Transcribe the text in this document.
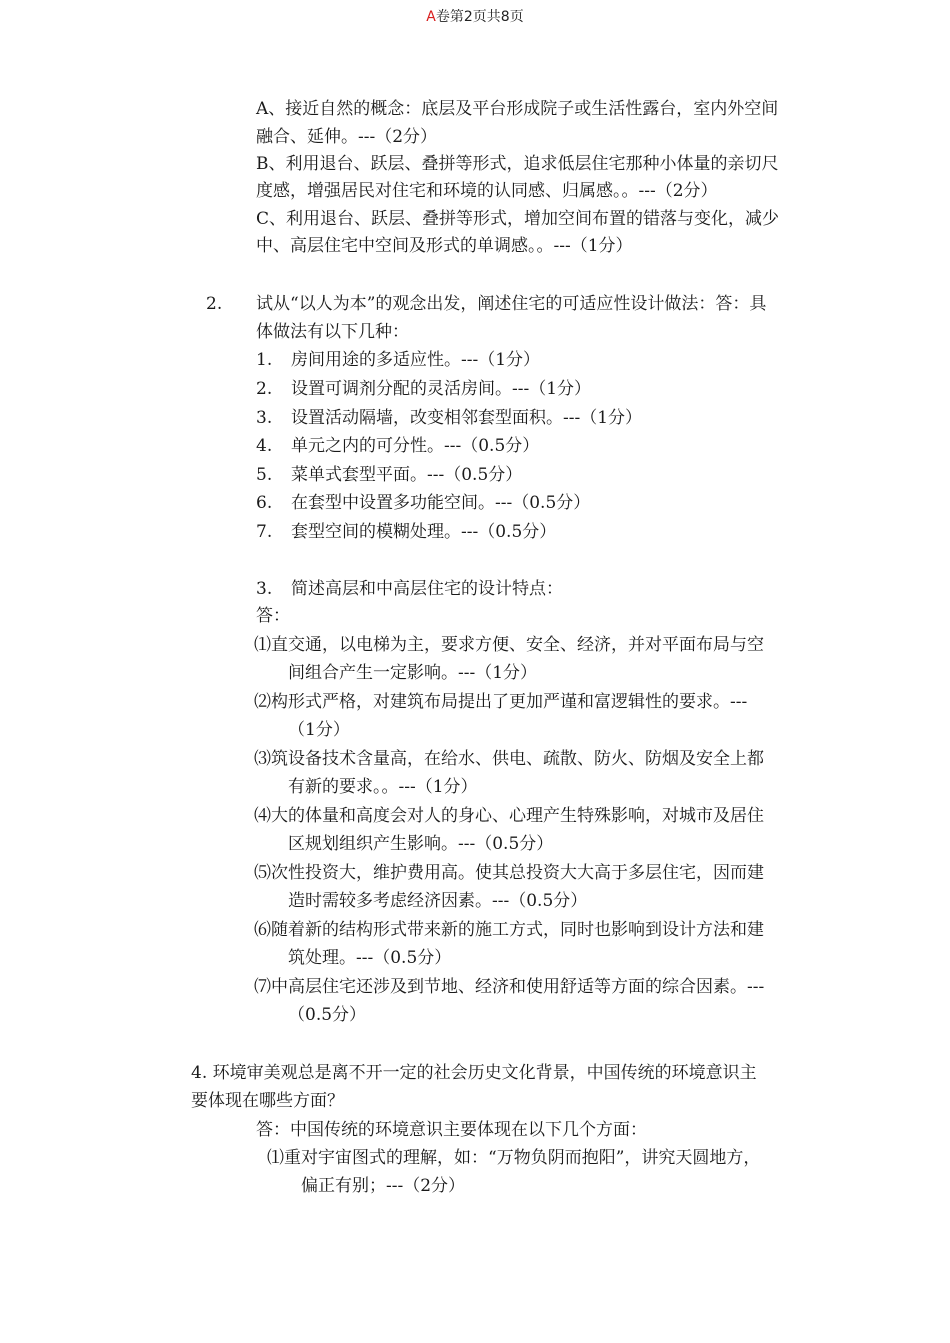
A卷第2页共8页
A、接近自然的概念：底层及平台形成院子或生活性露台，室内外空间
融合、延伸。---（2分）
B、利用退台、跃层、叠拼等形式，追求低层住宅那种小体量的亲切尺
度感，增强居民对住宅和环境的认同感、归属感。。---（2分）
C、利用退台、跃层、叠拼等形式，增加空间布置的错落与变化，减少
中、高层住宅中空间及形式的单调感。。---（1分）
2. 试从“以人为本”的观念出发，阐述住宅的可适应性设计做法：答：具
体做法有以下几种：
1. 房间用途的多适应性。---（1分）
2. 设置可调剂分配的灵活房间。---（1分）
3. 设置活动隔墙，改变相邻套型面积。---（1分）
4. 单元之内的可分性。---（0.5分）
5. 菜单式套型平面。---（0.5分）
6. 在套型中设置多功能空间。---（0.5分）
7. 套型空间的模糊处理。---（0.5分）
3. 简述高层和中高层住宅的设计特点：
答：
⑴直交通，以电梯为主，要求方便、安全、经济，并对平面布局与空
间组合产生一定影响。---（1分）
⑵构形式严格，对建筑布局提出了更加严谨和富逻辑性的要求。---
（1分）
⑶筑设备技术含量高，在给水、供电、疏散、防火、防烟及安全上都
有新的要求。。---（1分）
⑷大的体量和高度会对人的身心、心理产生特殊影响，对城市及居住
区规划组织产生影响。---（0.5分）
⑸次性投资大，维护费用高。使其总投资大大高于多层住宅，因而建
造时需较多考虑经济因素。---（0.5分）
⑹随着新的结构形式带来新的施工方式，同时也影响到设计方法和建
筑处理。---（0.5分）
⑺中高层住宅还涉及到节地、经济和使用舒适等方面的综合因素。---
（0.5分）
4. 环境审美观总是离不开一定的社会历史文化背景，中国传统的环境意识主
要体现在哪些方面？
答：中国传统的环境意识主要体现在以下几个方面：
⑴重对宇宙图式的理解，如：“万物负阴而抱阳”，讲究天圆地方，
偏正有别；---（2分）
